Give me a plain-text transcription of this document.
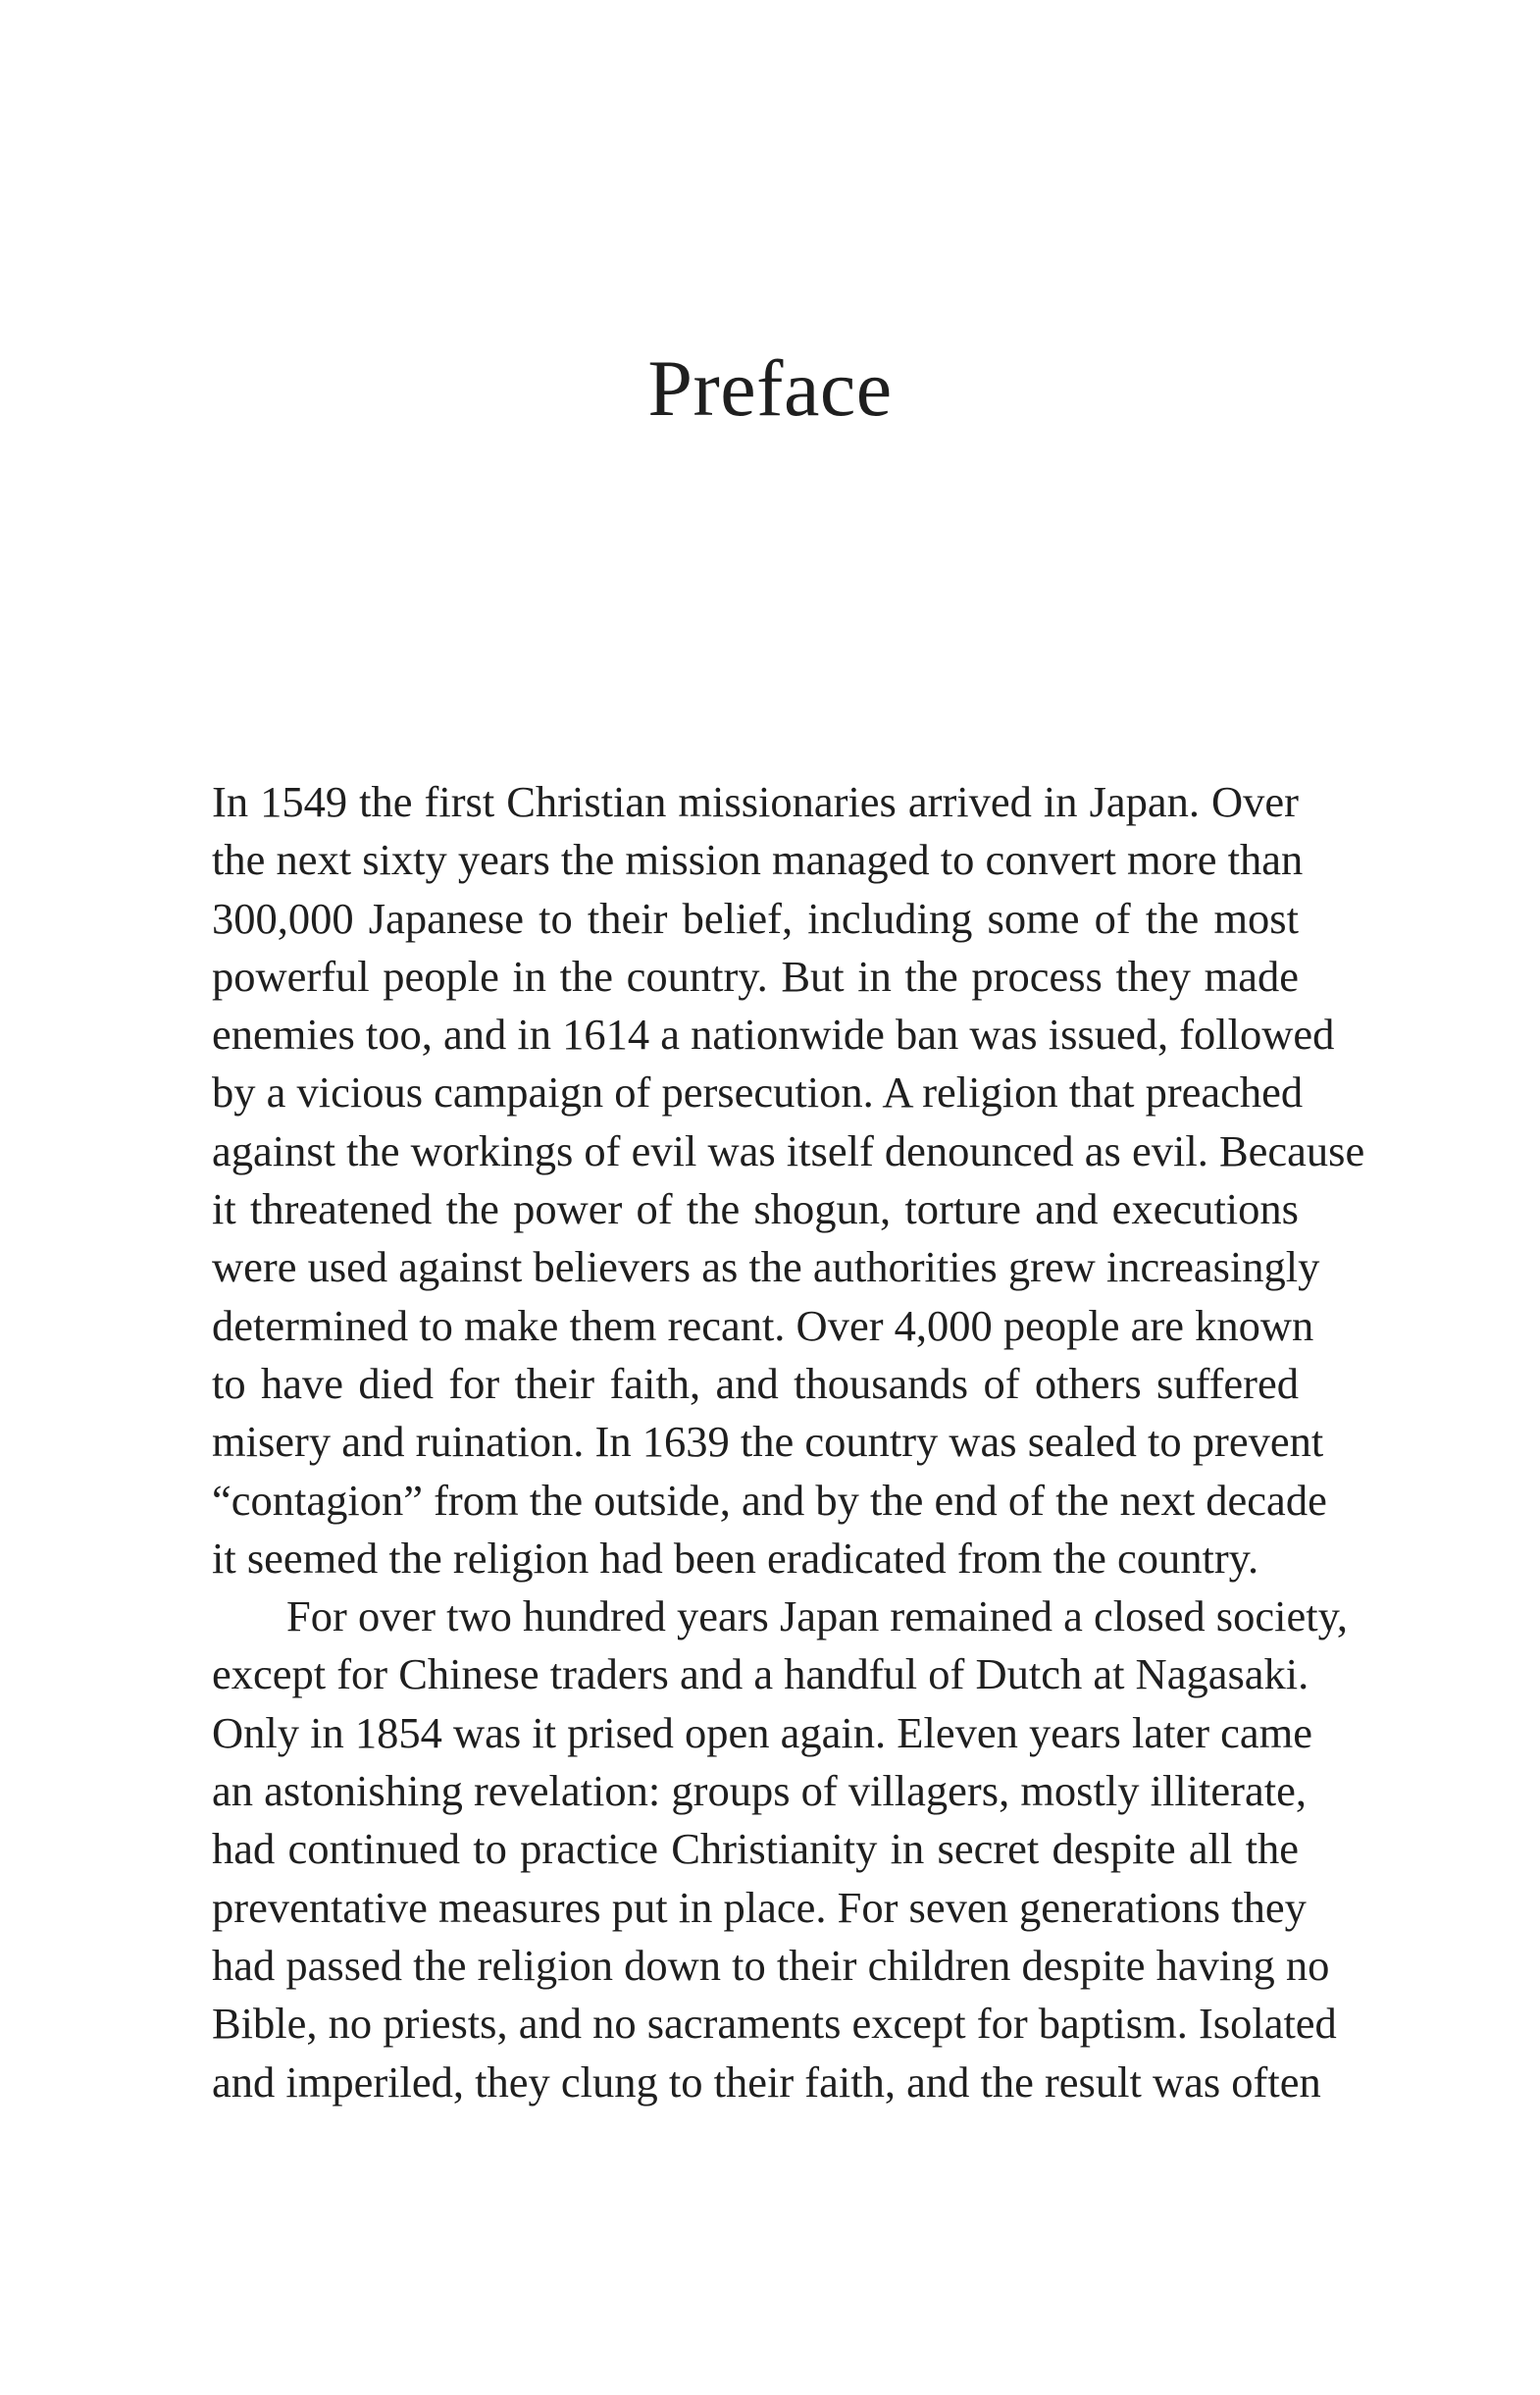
Preface
In 1549 the first Christian missionaries arrived in Japan. Over
the next sixty years the mission managed to convert more than
300,000 Japanese to their belief, including some of the most
powerful people in the country. But in the process they made
enemies too, and in 1614 a nationwide ban was issued, followed
by a vicious campaign of persecution. A religion that preached
against the workings of evil was itself denounced as evil. Because
it threatened the power of the shogun, torture and executions
were used against believers as the authorities grew increasingly
determined to make them recant. Over 4,000 people are known
to have died for their faith, and thousands of others suffered
misery and ruination. In 1639 the country was sealed to prevent
“contagion” from the outside, and by the end of the next decade
it seemed the religion had been eradicated from the country.
For over two hundred years Japan remained a closed society,
except for Chinese traders and a handful of Dutch at Nagasaki.
Only in 1854 was it prised open again. Eleven years later came
an astonishing revelation: groups of villagers, mostly illiterate,
had continued to practice Christianity in secret despite all the
preventative measures put in place. For seven generations they
had passed the religion down to their children despite having no
Bible, no priests, and no sacraments except for baptism. Isolated
and imperiled, they clung to their faith, and the result was often
